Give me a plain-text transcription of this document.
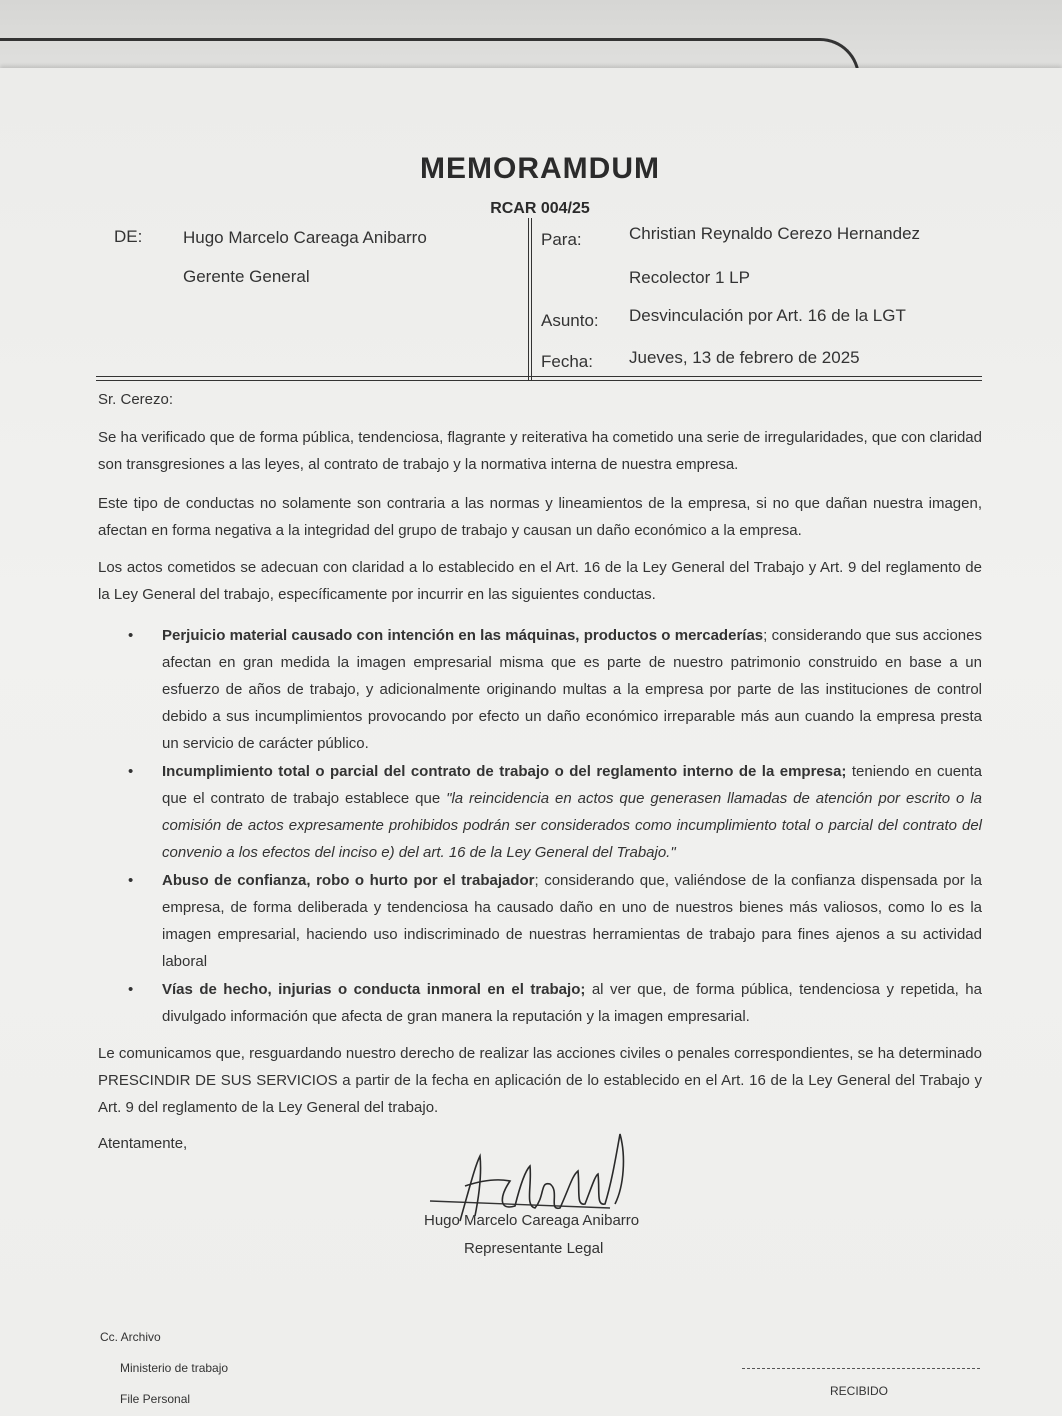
MEMORAMDUM
RCAR 004/25
DE: Hugo Marcelo Careaga Anibarro
Gerente General
Para:	Christian Reynaldo Cerezo Hernandez
Recolector 1 LP
Asunto: Desvinculación por Art. 16 de la LGT
Fecha: Jueves, 13 de febrero de 2025
Sr. Cerezo:
Se ha verificado que de forma pública, tendenciosa, flagrante y reiterativa ha cometido una serie de irregularidades, que con claridad son transgresiones a las leyes, al contrato de trabajo y la normativa interna de nuestra empresa.
Este tipo de conductas no solamente son contraria a las normas y lineamientos de la empresa, si no que dañan nuestra imagen, afectan en forma negativa a la integridad del grupo de trabajo y causan un daño económico a la empresa.
Los actos cometidos se adecuan con claridad a lo establecido en el Art. 16 de la Ley General del Trabajo y Art. 9 del reglamento de la Ley General del trabajo, específicamente por incurrir en las siguientes conductas.
• Perjuicio material causado con intención en las máquinas, productos o mercaderías; considerando que sus acciones afectan en gran medida la imagen empresarial misma que es parte de nuestro patrimonio construido en base a un esfuerzo de años de trabajo, y adicionalmente originando multas a la empresa por parte de las instituciones de control debido a sus incumplimientos provocando por efecto un daño económico irreparable más aun cuando la empresa presta un servicio de carácter público.
• Incumplimiento total o parcial del contrato de trabajo o del reglamento interno de la empresa; teniendo en cuenta que el contrato de trabajo establece que "la reincidencia en actos que generasen llamadas de atención por escrito o la comisión de actos expresamente prohibidos podrán ser considerados como incumplimiento total o parcial del contrato del convenio a los efectos del inciso e) del art. 16 de la Ley General del Trabajo."
• Abuso de confianza, robo o hurto por el trabajador; considerando que, valiéndose de la confianza dispensada por la empresa, de forma deliberada y tendenciosa ha causado daño en uno de nuestros bienes más valiosos, como lo es la imagen empresarial, haciendo uso indiscriminado de nuestras herramientas de trabajo para fines ajenos a su actividad laboral
• Vías de hecho, injurias o conducta inmoral en el trabajo; al ver que, de forma pública, tendenciosa y repetida, ha divulgado información que afecta de gran manera la reputación y la imagen empresarial.
Le comunicamos que, resguardando nuestro derecho de realizar las acciones civiles o penales correspondientes, se ha determinado PRESCINDIR DE SUS SERVICIOS a partir de la fecha en aplicación de lo establecido en el Art. 16 de la Ley General del Trabajo y Art. 9 del reglamento de la Ley General del trabajo.
Atentamente,
Hugo Marcelo Careaga Anibarro
Representante Legal
Cc. Archivo
Ministerio de trabajo
File Personal
RECIBIDO
